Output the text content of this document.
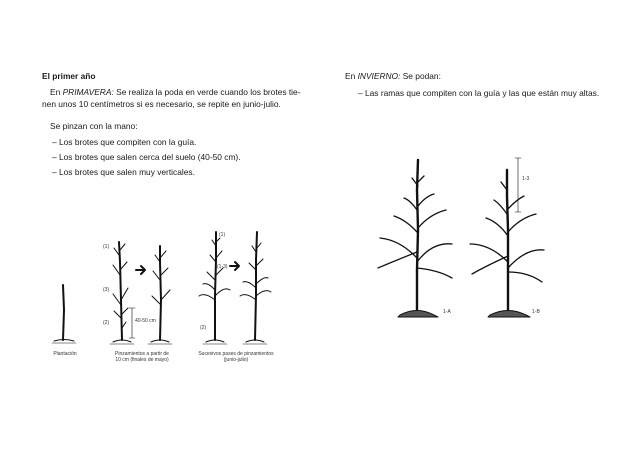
El primer año
En PRIMAVERA: Se realiza la poda en verde cuando los brotes tie-
nen unos 10 centímetros si es necesario, se repite en junio-julio.
Se pinzan con la mano:
– Los brotes que compiten con la guía.
– Los brotes que salen cerca del suelo (40-50 cm).
– Los brotes que salen muy verticales.
En INVIERNO: Se podan:
– Las ramas que compiten con la guía y las que están muy altas.
(1)
(3)
(2)	40-50 cm
(1)
(1-3)
(2)
Plantación	Pinzamientos a partir de
10 cm (finales de mayo)
Sucesivos pases de pinzamientos
(junio-julio)
1-A	1-B
1-3
